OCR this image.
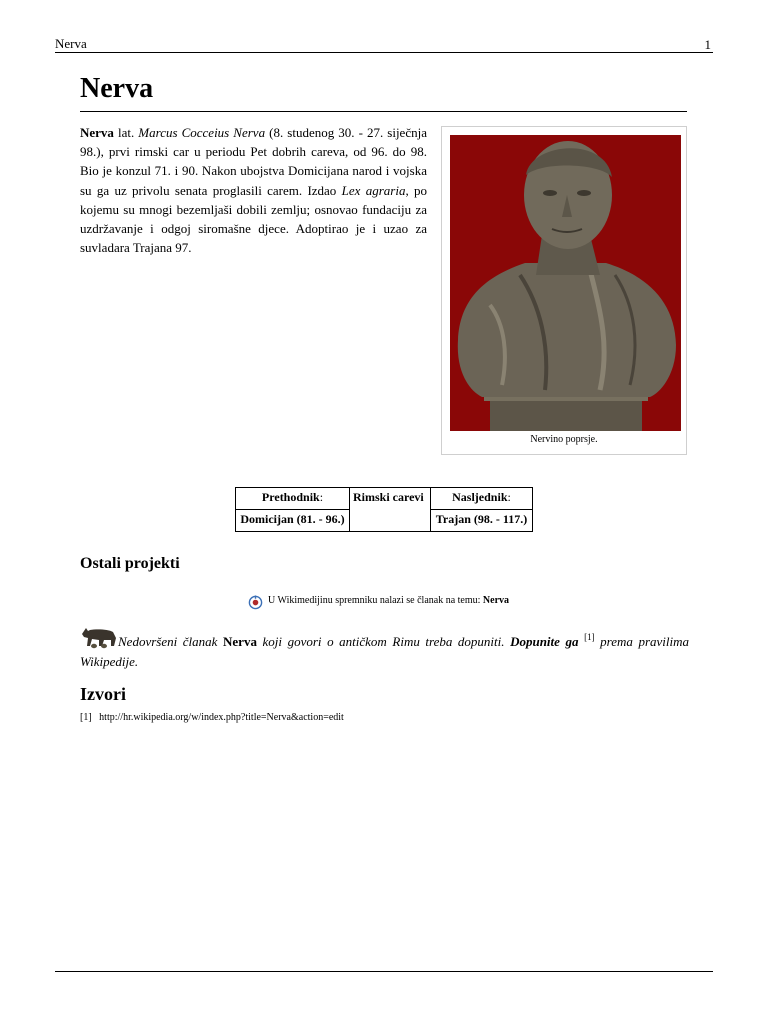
Nerva	1
Nerva

Nerva lat. Marcus Cocceius Nerva (8. studenog 30. - 27. siječnja 98.), prvi rimski car u periodu Pet dobrih careva, od 96. do 98. Bio je konzul 71. i 90. Nakon ubojstva Domicijana narod i vojska su ga uz privolu senata proglasili carem. Izdao Lex agraria, po kojemu su mnogi bezemljaši dobili zemlju; osnovao fundaciju za uzdržavanje i odgoj siromašne djece. Adoptirao je i uzao za suvladara Trajana 97.

Nervino poprsje.
Prethodnik:	Rimski carevi	Nasljednik:
Domicijan (81. - 96.)		Trajan (98. - 117.)
Ostali projekti
U Wikimedijinu spremniku nalazi se članak na temu:
Nerva

Nedovršeni članak Nerva koji govori o antičkom Rimu treba dopuniti. Dopunite ga [1] prema pravilima Wikipedije.

Izvori
[1] http://hr.wikipedia.org/w/index.php?title=Nerva&action=edit
